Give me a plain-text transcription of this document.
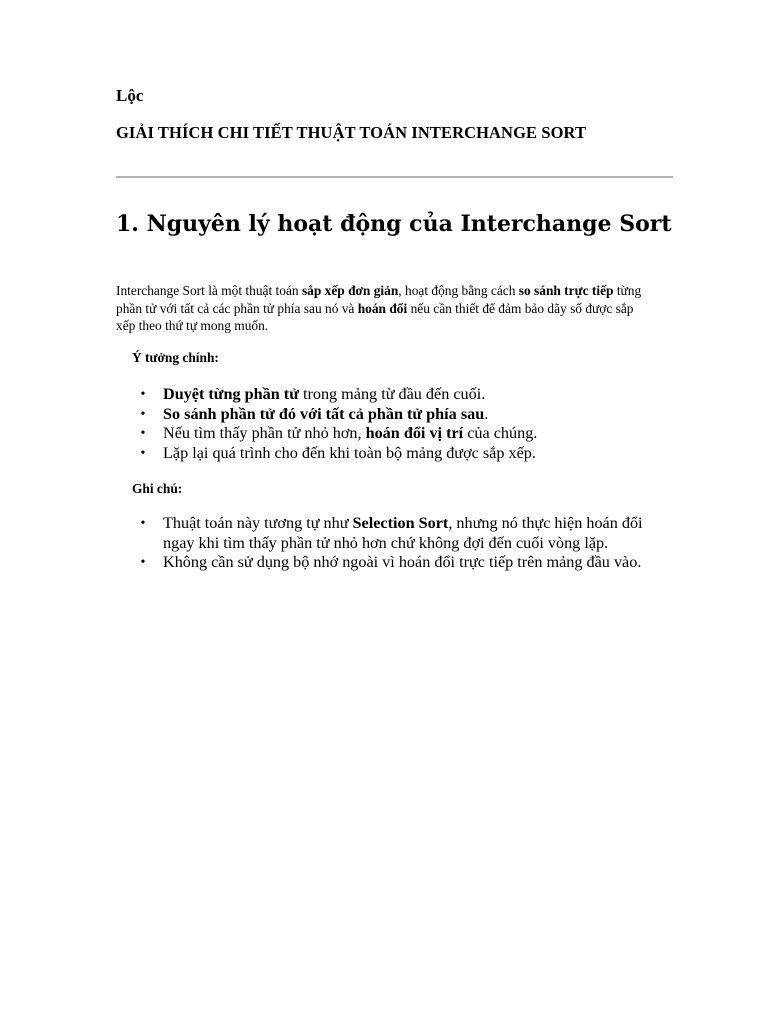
Lộc

GIẢI THÍCH CHI TIẾT THUẬT TOÁN INTERCHANGE SORT

1. Nguyên lý hoạt động của Interchange Sort

Interchange Sort là một thuật toán sắp xếp đơn giản, hoạt động bằng cách so sánh trực tiếp từng phần tử với tất cả các phần tử phía sau nó và hoán đổi nếu cần thiết để đảm bảo dãy số được sắp xếp theo thứ tự mong muốn.

Ý tưởng chính:

• Duyệt từng phần tử trong mảng từ đầu đến cuối.
• So sánh phần tử đó với tất cả phần tử phía sau.
• Nếu tìm thấy phần tử nhỏ hơn, hoán đổi vị trí của chúng.
• Lặp lại quá trình cho đến khi toàn bộ mảng được sắp xếp.

Ghi chú:

• Thuật toán này tương tự như Selection Sort, nhưng nó thực hiện hoán đổi ngay khi tìm thấy phần tử nhỏ hơn chứ không đợi đến cuối vòng lặp.
• Không cần sử dụng bộ nhớ ngoài vì hoán đổi trực tiếp trên mảng đầu vào.
